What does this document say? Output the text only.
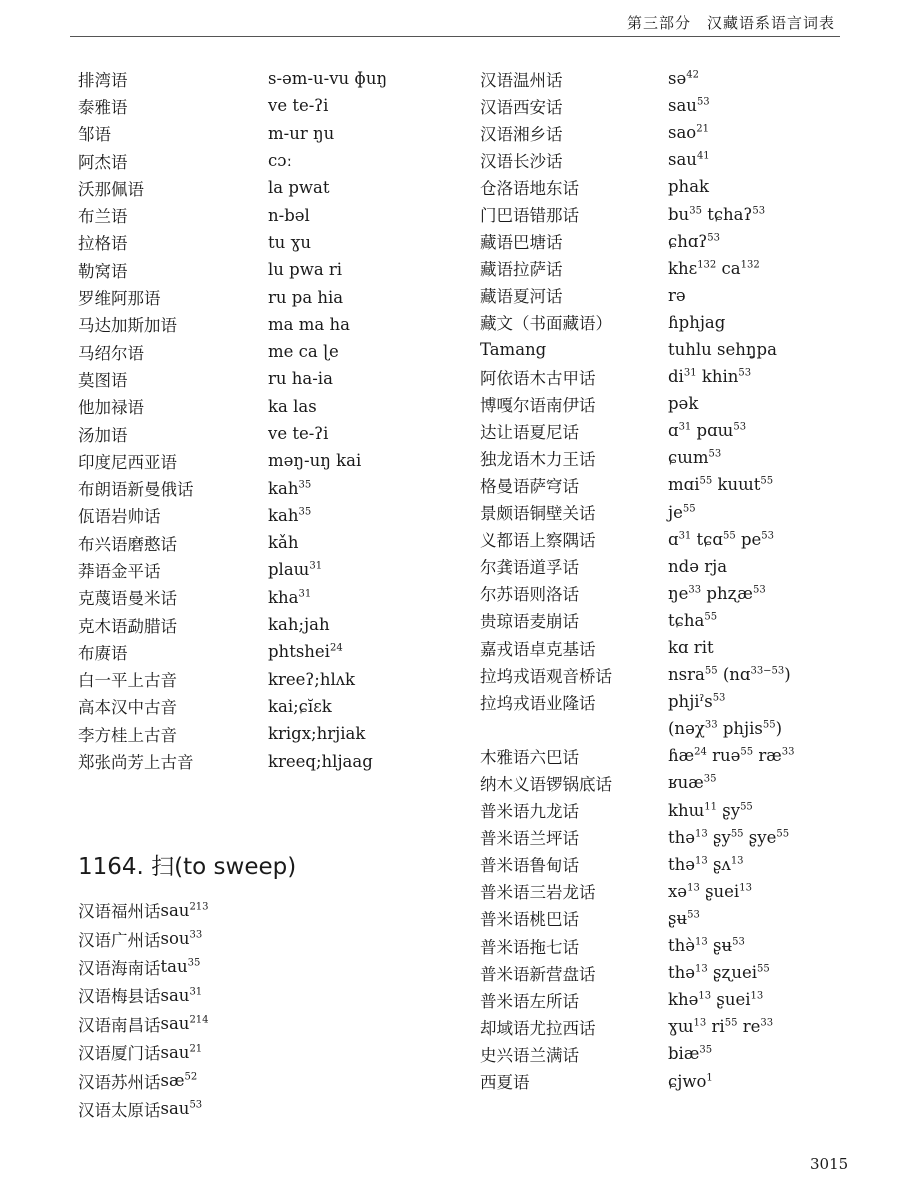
第三部分　汉藏语系语言词表
排湾语	s-əm-u-vu ɸuŋ
泰雅语	ve te-ʔi
邹语	m-ur ŋu
阿杰语	cɔː
沃那佩语	la pwat
布兰语	n-bəl
拉格语	tu ɣu
勒窝语	lu pwa ri
罗维阿那语	ru pa hia
马达加斯加语	ma ma ha
马绍尔语	me ca ɭe
莫图语	ru ha-ia
他加禄语	ka las
汤加语	ve te-ʔi
印度尼西亚语	məŋ-uŋ kai
布朗语新曼俄话	kah$^{35}$
佤语岩帅话	kah$^{35}$
布兴语磨憨话	kǎh
莽语金平话	plaɯ$^{31}$
克蔑语曼米话	kha$^{31}$
克木语勐腊话	kah;jah
布赓语	phtshei$^{24}$
白一平上古音	kreeʔ;hlʌk
高本汉中古音	kai;ɕĭɛk
李方桂上古音	krigx;hrjiak
郑张尚芳上古音	kreeq;hljaag
1164. 扫(to sweep)
汉语福州话 sau$^{213}$
汉语广州话 sou$^{33}$
汉语海南话 tau$^{35}$
汉语梅县话 sau$^{31}$
汉语南昌话 sau$^{214}$
汉语厦门话 sau$^{21}$
汉语苏州话 $sæ^{52}$
汉语太原话 sau$^{53}$
汉语温州话	sə$^{42}$
汉语西安话	sau$^{53}$
汉语湘乡话	sao$^{21}$
汉语长沙话	sau$^{41}$
仓洛语地东话	phak
门巴语错那话	$bu^{35}$ tɕhaʔ$^{53}$
藏语巴塘话	ɕhɑʔ$^{53}$
藏语拉萨话	khɛ$^{132}$ $ca^{132}$
藏语夏河话	rə
藏文（书面藏语）	ɦphjag
Tamang	tuhlu sehŋ̱pa
阿依语木古甲话	$di^{31}$ khin$^{53}$
博嘎尔语南伊话	pək
达让语夏尼话	ɑ$^{31}$ pɑɯ$^{53}$
独龙语木力王话	ɕɯm$^{53}$
格曼语萨穹话	mɑi$^{55}$ kuɯt$^{55}$
景颇语铜壁关话	$je^{55}$
义都语上察隅话	ɑ$^{31}$ tɕɑ$^{55}$ $pe^{53}$
尔龚语道孚话	ndə rja
尔苏语则洛话	$ŋe^{33}$ phʐæ$^{53}$
贵琼语麦崩话	tɕha$^{55}$
嘉戎语卓克基话	kɑ rit
拉坞戎语观音桥话	nsra$^{55}$ (nɑ$^{33-53}$)
拉坞戎语业隆话	phjiˀs$^{53}$
(nəχ$^{33}$ phjis$^{55}$)
木雅语六巴话	ɦæ$^{24}$ ruə$^{55}$ $ræ^{33}$
纳木义语锣锅底话	ʁuæ$^{35}$
普米语九龙话	khɯ$^{11}$ ʂy$^{55}$
普米语兰坪话	thə$^{13}$ ʂy$^{55}$ ʂye$^{55}$
普米语鲁甸话	thə$^{13}$ ʂʌ$^{13}$
普米语三岩龙话	xə$^{13}$ ʂuei$^{13}$
普米语桃巴话	ʂʉ$^{53}$
普米语拖七话	thə̀$^{13}$ ʂʉ$^{53}$
普米语新营盘话	thə$^{13}$ ʂʐuei$^{55}$
普米语左所话	khə$^{13}$ ʂuei$^{13}$
却域语尤拉西话	ɣɯ$^{13}$ $ri^{55}$ $re^{33}$
史兴语兰满话	biæ$^{35}$
西夏语	ɕjwo$^1$
3015
